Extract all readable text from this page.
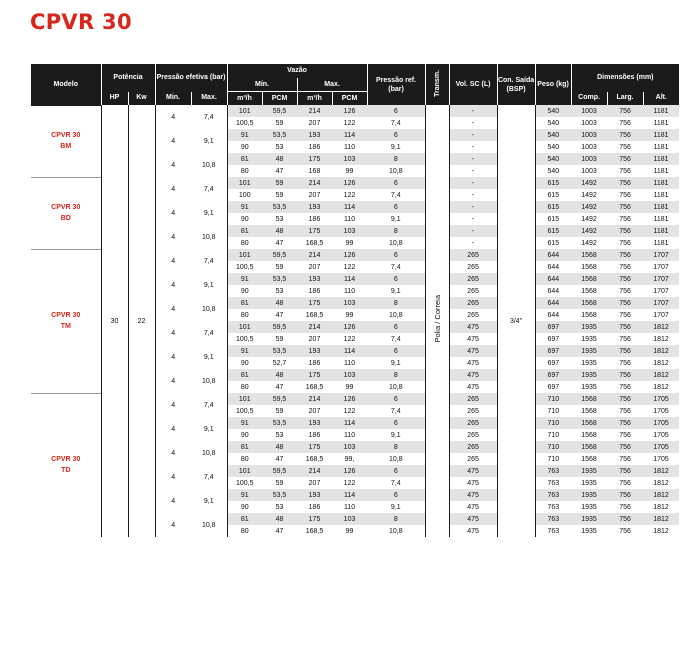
CPVR 30
Modelo	Potência		Pressão efetiva (bar)		Vazão				Pressão ref. (bar)	Transm.	Vol. SC (L)	Con. Saída (BSP)	Peso (kg)	Dimensões (mm)		
					Mín.		Max.									
	HP	Kw	Min.	Max.	m³/h	PCM	m³/h	PCM						Comp.	Larg.	Alt.

CPVR 30
BM	30	22	4	7,4	101	59,5	214	126	6	Polia / Correia	-	3/4"	540	1003	756	1181
					100,5	59	207	122	7,4		-		540	1003	756	1181
			4	9,1	91	53,5	193	114	6		-		540	1003	756	1181
					90	53	186	110	9,1		-		540	1003	756	1181
			4	10,8	81	48	175	103	8		-		540	1003	756	1181
					80	47	168	99	10,8		-		540	1003	756	1181

CPVR 30
BD			4	7,4	101	59	214	126	6		-		615	1492	756	1181
					100	59	207	122	7,4		-		615	1492	756	1181
			4	9,1	91	53,5	193	114	6		-		615	1492	756	1181
					90	53	186	110	9,1		-		615	1492	756	1181
			4	10,8	81	48	175	103	8		-		615	1492	756	1181
					80	47	168,5	99	10,8		-		615	1492	756	1181

CPVR 30
TM			4	7,4	101	59,5	214	126	6		265		644	1568	756	1707
					100,5	59	207	122	7,4		265		644	1568	756	1707
			4	9,1	91	53,5	193	114	6		265		644	1568	756	1707
					90	53	186	110	9,1		265		644	1568	756	1707
			4	10,8	81	48	175	103	8		265		644	1568	756	1707
					80	47	168,5	99	10,8		265		644	1568	756	1707
			4	7,4	101	59,5	214	126	6		475		697	1935	756	1812
					100,5	59	207	122	7,4		475		697	1935	756	1812
			4	9,1	91	53,5	193	114	6		475		697	1935	756	1812
					90	52,7	186	110	9,1		475		697	1935	756	1812
			4	10,8	81	48	175	103	8		475		697	1935	756	1812
					80	47	168,5	99	10,8		475		697	1935	756	1812

CPVR 30
TD			4	7,4	101	59,5	214	126	6		265		710	1568	756	1705
					100,5	59	207	122	7,4		265		710	1568	756	1705
			4	9,1	91	53,5	193	114	6		265		710	1568	756	1705
					90	53	186	110	9,1		265		710	1568	756	1705
			4	10,8	81	48	175	103	8		265		710	1568	756	1705
					80	47	168,5	99,	10,8		265		710	1568	756	1705
			4	7,4	101	59,5	214	126	6		475		763	1935	756	1812
					100,5	59	207	122	7,4		475		763	1935	756	1812
			4	9,1	91	53,5	193	114	6		475		763	1935	756	1812
					90	53	186	110	9,1		475		763	1935	756	1812
			4	10,8	81	48	175	103	8		475		763	1935	756	1812
					80	47	168,5	99	10,8		475		763	1935	756	1812
